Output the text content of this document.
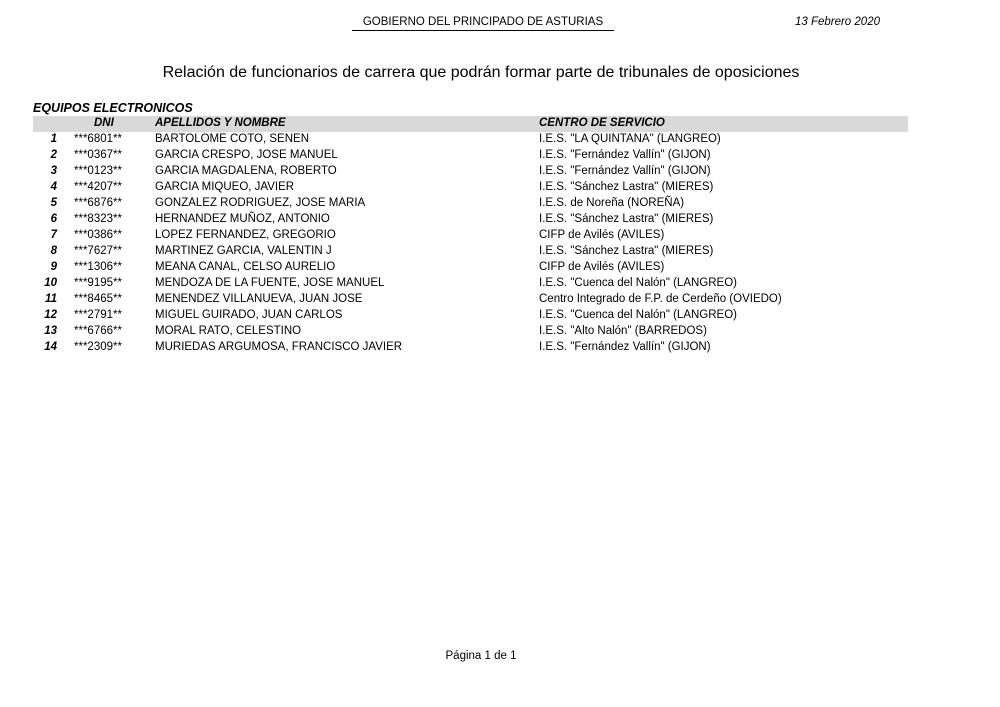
GOBIERNO DEL PRINCIPADO DE ASTURIAS	13 Febrero 2020
Relación de funcionarios de carrera que podrán formar parte de tribunales de oposiciones
EQUIPOS ELECTRONICOS
DNI	APELLIDOS Y NOMBRE	CENTRO DE SERVICIO
1 ***6801**	BARTOLOME COTO, SENEN	I.E.S. "LA QUINTANA" (LANGREO)
2 ***0367**	GARCIA CRESPO, JOSE MANUEL	I.E.S. "Fernández Vallín" (GIJON)
3 ***0123**	GARCIA MAGDALENA, ROBERTO	I.E.S. "Fernández Vallín" (GIJON)
4 ***4207**	GARCIA MIQUEO, JAVIER	I.E.S. "Sánchez Lastra" (MIERES)
5 ***6876**	GONZALEZ RODRIGUEZ, JOSE MARIA	I.E.S. de Noreña (NOREÑA)
6 ***8323**	HERNANDEZ MUÑOZ, ANTONIO	I.E.S. "Sánchez Lastra" (MIERES)
7 ***0386**	LOPEZ FERNANDEZ, GREGORIO	CIFP de Avilés (AVILES)
8 ***7627**	MARTINEZ GARCIA, VALENTIN J	I.E.S. "Sánchez Lastra" (MIERES)
9 ***1306**	MEANA CANAL, CELSO AURELIO	CIFP de Avilés (AVILES)
10 ***9195**	MENDOZA DE LA FUENTE, JOSE MANUEL	I.E.S. "Cuenca del Nalón" (LANGREO)
11 ***8465**	MENENDEZ VILLANUEVA, JUAN JOSE	Centro Integrado de F.P. de Cerdeño (OVIEDO)
12 ***2791**	MIGUEL GUIRADO, JUAN CARLOS	I.E.S. "Cuenca del Nalón" (LANGREO)
13 ***6766**	MORAL RATO, CELESTINO	I.E.S. "Alto Nalón" (BARREDOS)
14 ***2309**	MURIEDAS ARGUMOSA, FRANCISCO JAVIER	I.E.S. "Fernández Vallín" (GIJON)
Página 1 de 1
